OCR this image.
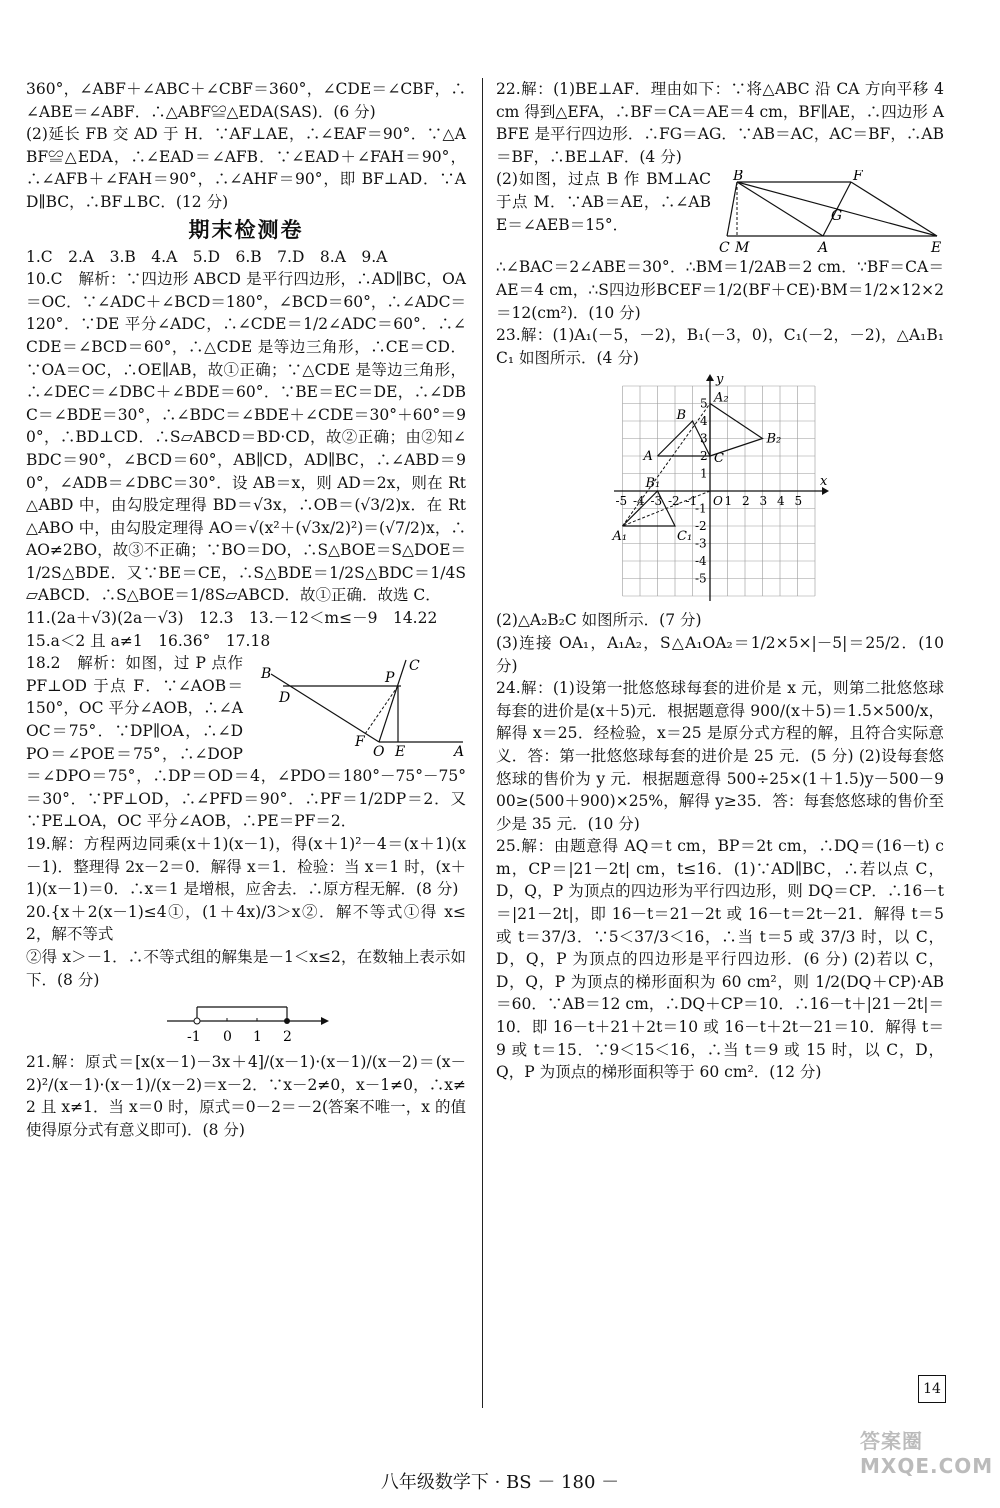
360°，∠ABF＋∠ABC＋∠CBF＝360°，∠CDE＝∠CBF，∴∠ABE＝∠ABF．∴△ABF≌△EDA(SAS)．(6 分)

(2)延长 FB 交 AD 于 H．∵AF⊥AE，∴∠EAF＝90°．∵△ABF≌△EDA，∴∠EAD＝∠AFB．∵∠EAD＋∠FAH＝90°，∴∠AFB＋∠FAH＝90°，∴∠AHF＝90°，即 BF⊥AD．∵AD∥BC，∴BF⊥BC．(12 分)

期末检测卷

1.C　2.A　3.B　4.A　5.D　6.B　7.D　8.A　9.A

10.C　解析：∵四边形 ABCD 是平行四边形，∴AD∥BC，OA＝OC．∵∠ADC＋∠BCD＝180°，∠BCD＝60°，∴∠ADC＝120°．∵DE 平分∠ADC，∴∠CDE＝1/2∠ADC＝60°．∴∠CDE＝∠BCD＝60°，∴△CDE 是等边三角形，∴CE＝CD．∵OA＝OC，∴OE∥AB，故①正确；∵△CDE 是等边三角形，∴∠DEC＝∠DBC＋∠BDE＝60°．∵BE＝EC＝DE，∴∠DBC＝∠BDE＝30°，∴∠BDC＝∠BDE＋∠CDE＝30°＋60°＝90°，∴BD⊥CD．∴S▱ABCD＝BD·CD，故②正确；由②知∠BDC＝90°，∠BCD＝60°，AB∥CD，AD∥BC，∴∠ABD＝90°，∠ADB＝∠DBC＝30°．设 AB＝x，则 AD＝2x，则在 Rt△ABD 中，由勾股定理得 BD＝√3x，∴OB＝(√3/2)x．在 Rt△ABO 中，由勾股定理得 AO＝√(x²＋(√3x/2)²)＝(√7/2)x，∴AO≠2BO，故③不正确；∵BO＝DO，∴S△BOE＝S△DOE＝1/2S△BDE．又∵BE＝CE，∴S△BDE＝1/2S△BDC＝1/4S▱ABCD．∴S△BOE＝1/8S▱ABCD．故①正确．故选 C．

11.(2a＋√3)(2a－√3)　12.3　13.－12＜m≤－9　14.22

15.a＜2 且 a≠1　16.36°　17.18

B
D
P
C
F
O E	A

18.2　解析：如图，过 P 点作 PF⊥OD 于点 F．∵∠AOB＝150°，OC 平分∠AOB，∴∠AOC＝75°．∵DP∥OA，∴∠DPO＝∠POE＝75°，∴∠DOP＝∠DPO＝75°，∴DP＝OD＝4，∠PDO＝180°－75°－75°＝30°．∵PF⊥OD，∴∠PFD＝90°．∴PF＝1/2DP＝2．又∵PE⊥OA，OC 平分∠AOB，∴PE＝PF＝2．

19.解：方程两边同乘(x＋1)(x－1)，得(x＋1)²－4＝(x＋1)(x－1)．整理得 2x－2＝0．解得 x＝1．检验：当 x＝1 时，(x＋1)(x－1)＝0．∴x＝1 是增根，应舍去．∴原方程无解．(8 分)

20.{x＋2(x－1)≤4①，(1＋4x)/3＞x②．解不等式①得 x≤2，解不等式

②得 x＞－1．∴不等式组的解集是－1＜x≤2，在数轴上表示如下．(8 分)

-1 0 1 2

21.解：原式＝[x(x－1)－3x＋4]/(x－1)·(x－1)/(x－2)＝(x－2)²/(x－1)·(x－1)/(x－2)＝x－2．∵x－2≠0，x－1≠0，∴x≠2 且 x≠1．当 x＝0 时，原式＝0－2＝－2(答案不唯一，x 的值使得原分式有意义即可)．(8 分)

22.解：(1)BE⊥AF．理由如下：∵将△ABC 沿 CA 方向平移 4 cm 得到△EFA，∴BF＝CA＝AE＝4 cm，BF∥AE，∴四边形 ABFE 是平行四边形．∴FG＝AG．∵AB＝AC，AC＝BF，∴AB＝BF，∴BE⊥AF．(4 分)

B	F
G
C M	A	E

(2)如图，过点 B 作 BM⊥AC 于点 M．∵AB＝AE，∴∠ABE＝∠AEB＝15°．

∴∠BAC＝2∠ABE＝30°．∴BM＝1/2AB＝2 cm．∵BF＝CA＝AE＝4 cm，∴S四边形BCEF＝1/2(BF＋CE)·BM＝1/2×12×2＝12(cm²)．(10 分)

23.解：(1)A₁(－5，－2)，B₁(－3，0)，C₁(－2，－2)，△A₁B₁C₁ 如图所示．(4 分)

y
x
O
-5 -4 -3 -2 -1 1 2 3 4 5
5
4
3
2
1
-1
-2
-3
-4
-5
A
B
C
A₁
B₁
C₁
A₂
B₂

(2)△A₂B₂C 如图所示．(7 分)

(3)连接 OA₁，A₁A₂，S△A₁OA₂＝1/2×5×|－5|＝25/2．(10 分)

24.解：(1)设第一批悠悠球每套的进价是 x 元，则第二批悠悠球每套的进价是(x＋5)元．根据题意得 900/(x＋5)＝1.5×500/x，解得 x＝25．经检验，x＝25 是原分式方程的解，且符合实际意义．答：第一批悠悠球每套的进价是 25 元．(5 分) (2)设每套悠悠球的售价为 y 元．根据题意得 500÷25×(1＋1.5)y－500－900≥(500＋900)×25%，解得 y≥35．答：每套悠悠球的售价至少是 35 元．(10 分)

25.解：由题意得 AQ＝t cm，BP＝2t cm，∴DQ＝(16－t) cm，CP＝|21－2t| cm，t≤16．(1)∵AD∥BC，∴若以点 C，D，Q，P 为顶点的四边形为平行四边形，则 DQ＝CP．∴16－t＝|21－2t|，即 16－t＝21－2t 或 16－t＝2t－21．解得 t＝5 或 t＝37/3．∵5＜37/3＜16，∴当 t＝5 或 37/3 时，以 C，D，Q，P 为顶点的四边形是平行四边形．(6 分) (2)若以 C，D，Q，P 为顶点的梯形面积为 60 cm²，则 1/2(DQ＋CP)·AB＝60．∵AB＝12 cm，∴DQ＋CP＝10．∴16－t＋|21－2t|＝10．即 16－t＋21＋2t＝10 或 16－t＋2t－21＝10．解得 t＝9 或 t＝15．∵9＜15＜16，∴当 t＝9 或 15 时，以 C，D，Q，P 为顶点的梯形面积等于 60 cm²．(12 分)

14
八年级数学下 · BS － 180 －
答案圈 MXQE.COM
